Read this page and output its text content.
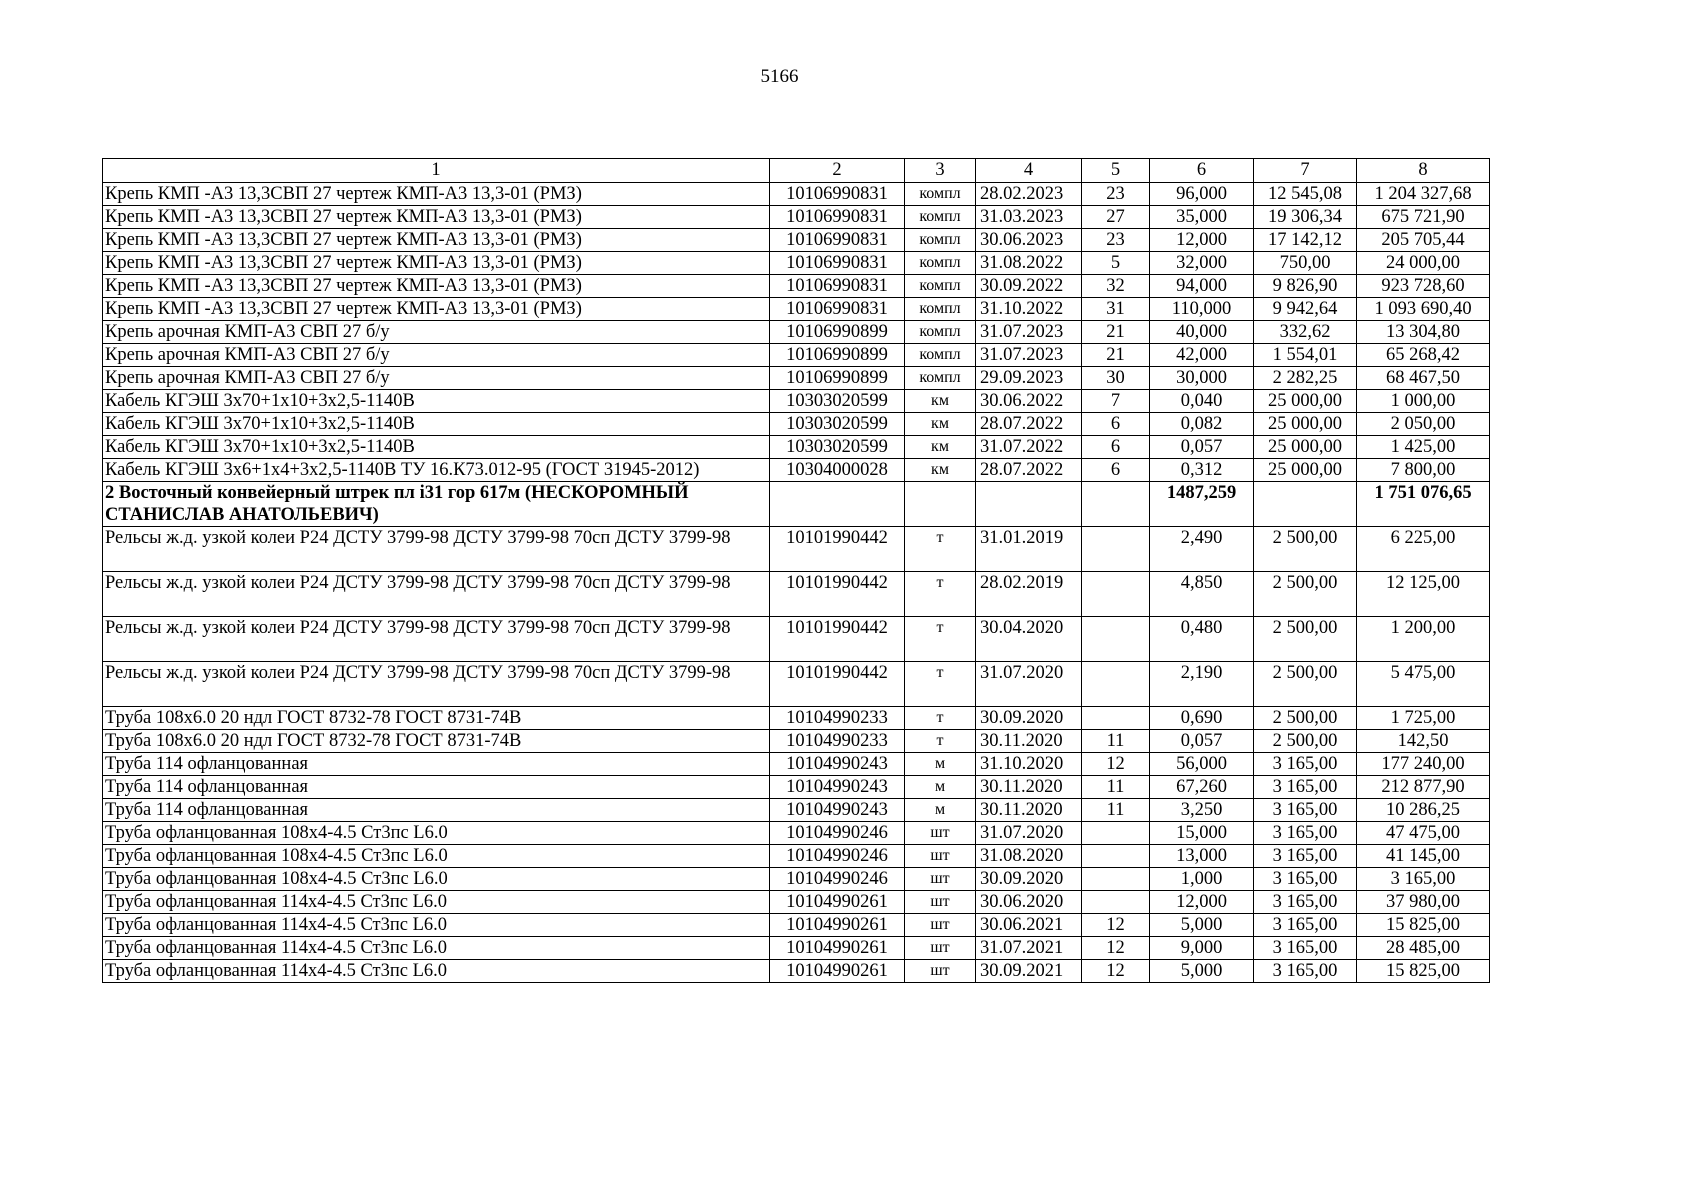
5166
1	2	3	4	5	6	7	8
Крепь КМП -А3 13,3СВП 27 чертеж КМП-А3 13,3-01 (РМЗ)	10106990831	компл	28.02.2023	23	96,000	12 545,08	1 204 327,68
Крепь КМП -А3 13,3СВП 27 чертеж КМП-А3 13,3-01 (РМЗ)	10106990831	компл	31.03.2023	27	35,000	19 306,34	675 721,90
Крепь КМП -А3 13,3СВП 27 чертеж КМП-А3 13,3-01 (РМЗ)	10106990831	компл	30.06.2023	23	12,000	17 142,12	205 705,44
Крепь КМП -А3 13,3СВП 27 чертеж КМП-А3 13,3-01 (РМЗ)	10106990831	компл	31.08.2022	5	32,000	750,00	24 000,00
Крепь КМП -А3 13,3СВП 27 чертеж КМП-А3 13,3-01 (РМЗ)	10106990831	компл	30.09.2022	32	94,000	9 826,90	923 728,60
Крепь КМП -А3 13,3СВП 27 чертеж КМП-А3 13,3-01 (РМЗ)	10106990831	компл	31.10.2022	31	110,000	9 942,64	1 093 690,40
Крепь арочная КМП-А3 СВП 27 б/у	10106990899	компл	31.07.2023	21	40,000	332,62	13 304,80
Крепь арочная КМП-А3 СВП 27 б/у	10106990899	компл	31.07.2023	21	42,000	1 554,01	65 268,42
Крепь арочная КМП-А3 СВП 27 б/у	10106990899	компл	29.09.2023	30	30,000	2 282,25	68 467,50
Кабель КГЭШ 3х70+1х10+3х2,5-1140В	10303020599	км	30.06.2022	7	0,040	25 000,00	1 000,00
Кабель КГЭШ 3х70+1х10+3х2,5-1140В	10303020599	км	28.07.2022	6	0,082	25 000,00	2 050,00
Кабель КГЭШ 3х70+1х10+3х2,5-1140В	10303020599	км	31.07.2022	6	0,057	25 000,00	1 425,00
Кабель КГЭШ 3х6+1х4+3х2,5-1140В ТУ 16.К73.012-95 (ГОСТ 31945-2012)	10304000028	км	28.07.2022	6	0,312	25 000,00	7 800,00
2 Восточный конвейерный штрек пл i31 гор 617м (НЕСКОРОМНЫЙ СТАНИСЛАВ АНАТОЛЬЕВИЧ)					1487,259		1 751 076,65
Рельсы ж.д. узкой колеи Р24 ДСТУ 3799-98 ДСТУ 3799-98 70сп ДСТУ 3799-98	10101990442	т	31.01.2019		2,490	2 500,00	6 225,00
Рельсы ж.д. узкой колеи Р24 ДСТУ 3799-98 ДСТУ 3799-98 70сп ДСТУ 3799-98	10101990442	т	28.02.2019		4,850	2 500,00	12 125,00
Рельсы ж.д. узкой колеи Р24 ДСТУ 3799-98 ДСТУ 3799-98 70сп ДСТУ 3799-98	10101990442	т	30.04.2020		0,480	2 500,00	1 200,00
Рельсы ж.д. узкой колеи Р24 ДСТУ 3799-98 ДСТУ 3799-98 70сп ДСТУ 3799-98	10101990442	т	31.07.2020		2,190	2 500,00	5 475,00
Труба 108х6.0 20 ндл ГОСТ 8732-78 ГОСТ 8731-74В	10104990233	т	30.09.2020		0,690	2 500,00	1 725,00
Труба 108х6.0 20 ндл ГОСТ 8732-78 ГОСТ 8731-74В	10104990233	т	30.11.2020	11	0,057	2 500,00	142,50
Труба 114 офланцованная	10104990243	м	31.10.2020	12	56,000	3 165,00	177 240,00
Труба 114 офланцованная	10104990243	м	30.11.2020	11	67,260	3 165,00	212 877,90
Труба 114 офланцованная	10104990243	м	30.11.2020	11	3,250	3 165,00	10 286,25
Труба офланцованная 108х4-4.5 Ст3пс L6.0	10104990246	шт	31.07.2020		15,000	3 165,00	47 475,00
Труба офланцованная 108х4-4.5 Ст3пс L6.0	10104990246	шт	31.08.2020		13,000	3 165,00	41 145,00
Труба офланцованная 108х4-4.5 Ст3пс L6.0	10104990246	шт	30.09.2020		1,000	3 165,00	3 165,00
Труба офланцованная 114х4-4.5 Ст3пс L6.0	10104990261	шт	30.06.2020		12,000	3 165,00	37 980,00
Труба офланцованная 114х4-4.5 Ст3пс L6.0	10104990261	шт	30.06.2021	12	5,000	3 165,00	15 825,00
Труба офланцованная 114х4-4.5 Ст3пс L6.0	10104990261	шт	31.07.2021	12	9,000	3 165,00	28 485,00
Труба офланцованная 114х4-4.5 Ст3пс L6.0	10104990261	шт	30.09.2021	12	5,000	3 165,00	15 825,00
